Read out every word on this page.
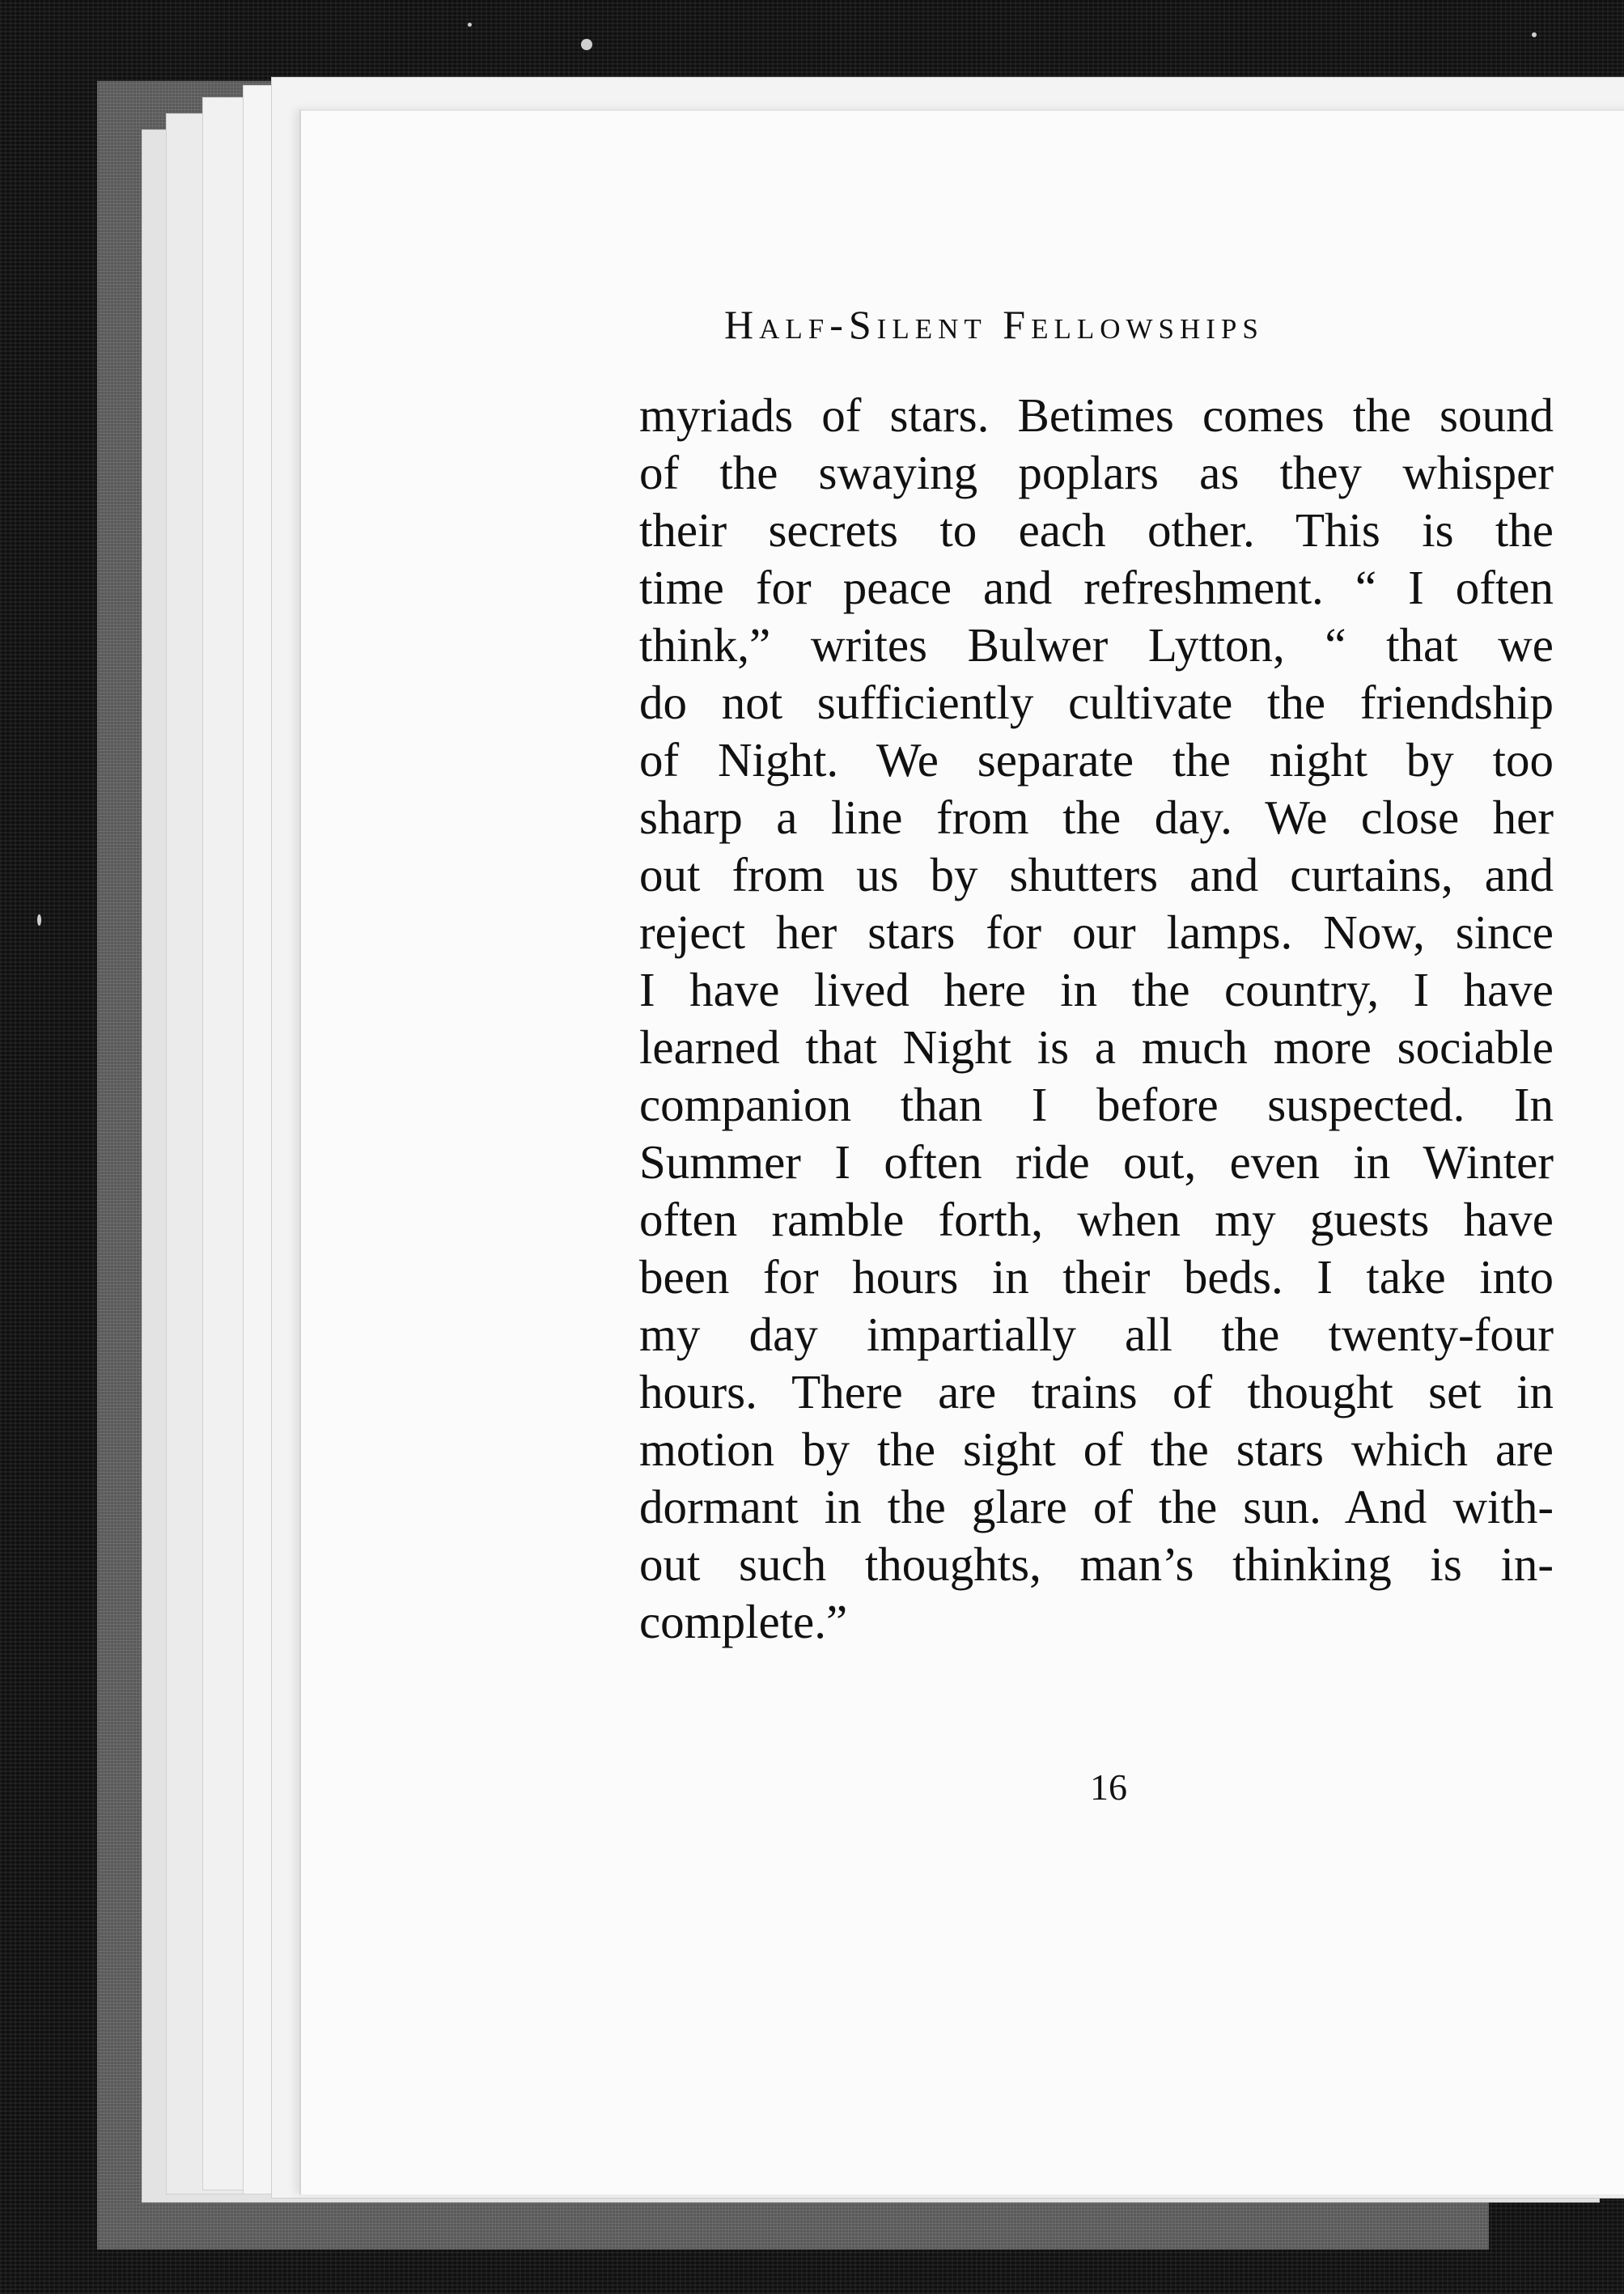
Half-Silent Fellowships
myriads of stars. Betimes comes the sound
of the swaying poplars as they whisper
their secrets to each other. This is the
time for peace and refreshment. “ I often
think,” writes Bulwer Lytton, “ that we
do not sufficiently cultivate the friendship
of Night. We separate the night by too
sharp a line from the day. We close her
out from us by shutters and curtains, and
reject her stars for our lamps. Now, since
I have lived here in the country, I have
learned that Night is a much more sociable
companion than I before suspected. In
Summer I often ride out, even in Winter
often ramble forth, when my guests have
been for hours in their beds. I take into
my day impartially all the twenty-four
hours. There are trains of thought set in
motion by the sight of the stars which are
dormant in the glare of the sun. And with-
out such thoughts, man’s thinking is in-
complete.”
16
